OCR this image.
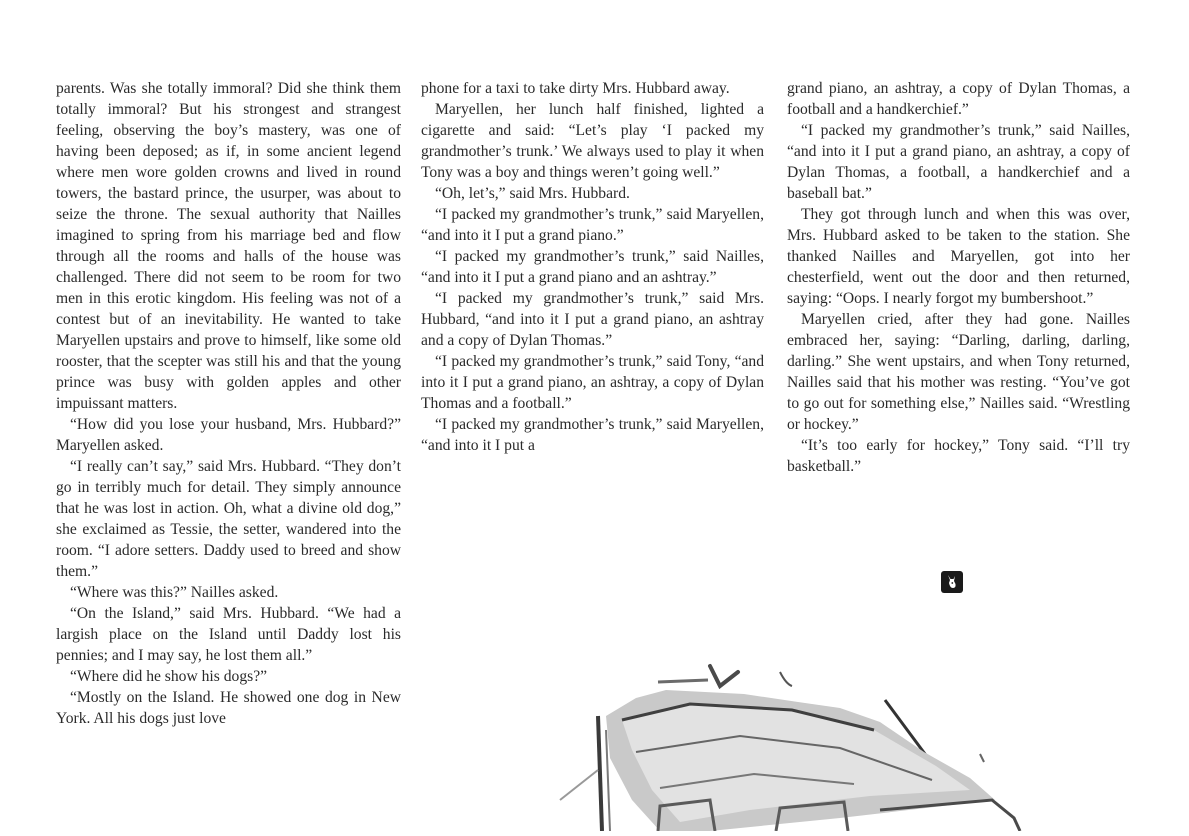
parents. Was she totally immoral? Did she think them totally immoral? But his strongest and strangest feeling, observing the boy’s mastery, was one of having been deposed; as if, in some ancient legend where men wore golden crowns and lived in round towers, the bastard prince, the usurper, was about to seize the throne. The sexual authority that Nailles imagined to spring from his marriage bed and flow through all the rooms and halls of the house was challenged. There did not seem to be room for two men in this erotic kingdom. His feeling was not of a contest but of an inevitability. He wanted to take Maryellen upstairs and prove to himself, like some old rooster, that the scepter was still his and that the young prince was busy with golden apples and other impuissant matters.

“How did you lose your husband, Mrs. Hubbard?” Maryellen asked.

“I really can’t say,” said Mrs. Hubbard. “They don’t go in terribly much for detail. They simply announce that he was lost in action. Oh, what a divine old dog,” she exclaimed as Tessie, the setter, wandered into the room. “I adore setters. Daddy used to breed and show them.”

“Where was this?” Nailles asked.

“On the Island,” said Mrs. Hubbard. “We had a largish place on the Island until Daddy lost his pennies; and I may say, he lost them all.”

“Where did he show his dogs?”

“Mostly on the Island. He showed one dog in New York. All his dogs just love

phone for a taxi to take dirty Mrs. Hubbard away.

Maryellen, her lunch half finished, lighted a cigarette and said: “Let’s play ‘I packed my grandmother’s trunk.’ We always used to play it when Tony was a boy and things weren’t going well.”

“Oh, let’s,” said Mrs. Hubbard.

“I packed my grandmother’s trunk,” said Maryellen, “and into it I put a grand piano.”

“I packed my grandmother’s trunk,” said Nailles, “and into it I put a grand piano and an ashtray.”

“I packed my grandmother’s trunk,” said Mrs. Hubbard, “and into it I put a grand piano, an ashtray and a copy of Dylan Thomas.”

“I packed my grandmother’s trunk,” said Tony, “and into it I put a grand piano, an ashtray, a copy of Dylan Thomas and a football.”

“I packed my grandmother’s trunk,” said Maryellen, “and into it I put a

grand piano, an ashtray, a copy of Dylan Thomas, a football and a handkerchief.”

“I packed my grandmother’s trunk,” said Nailles, “and into it I put a grand piano, an ashtray, a copy of Dylan Thomas, a football, a handkerchief and a baseball bat.”

They got through lunch and when this was over, Mrs. Hubbard asked to be taken to the station. She thanked Nailles and Maryellen, got into her chesterfield, went out the door and then returned, saying: “Oops. I nearly forgot my bumbershoot.”

Maryellen cried, after they had gone. Nailles embraced her, saying: “Darling, darling, darling, darling.” She went upstairs, and when Tony returned, Nailles said that his mother was resting. “You’ve got to go out for something else,” Nailles said. “Wrestling or hockey.”

“It’s too early for hockey,” Tony said. “I’ll try basketball.”
